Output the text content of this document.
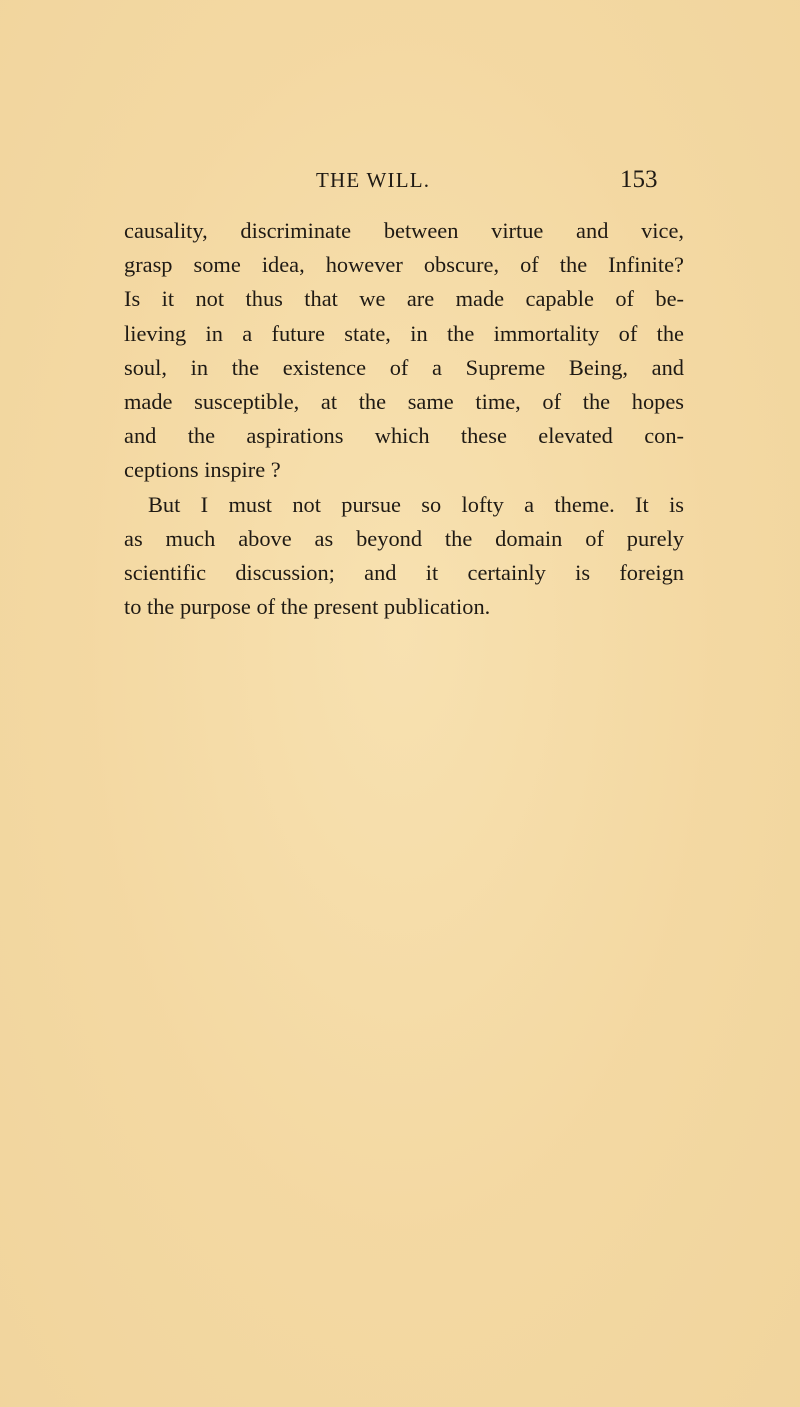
THE WILL.	153
causality, discriminate between virtue and vice,
grasp some idea, however obscure, of the Infinite?
Is it not thus that we are made capable of be-
lieving in a future state, in the immortality of the
soul, in the existence of a Supreme Being, and
made susceptible, at the same time, of the hopes
and the aspirations which these elevated con-
ceptions inspire ?
But I must not pursue so lofty a theme. It is
as much above as beyond the domain of purely
scientific discussion; and it certainly is foreign
to the purpose of the present publication.
